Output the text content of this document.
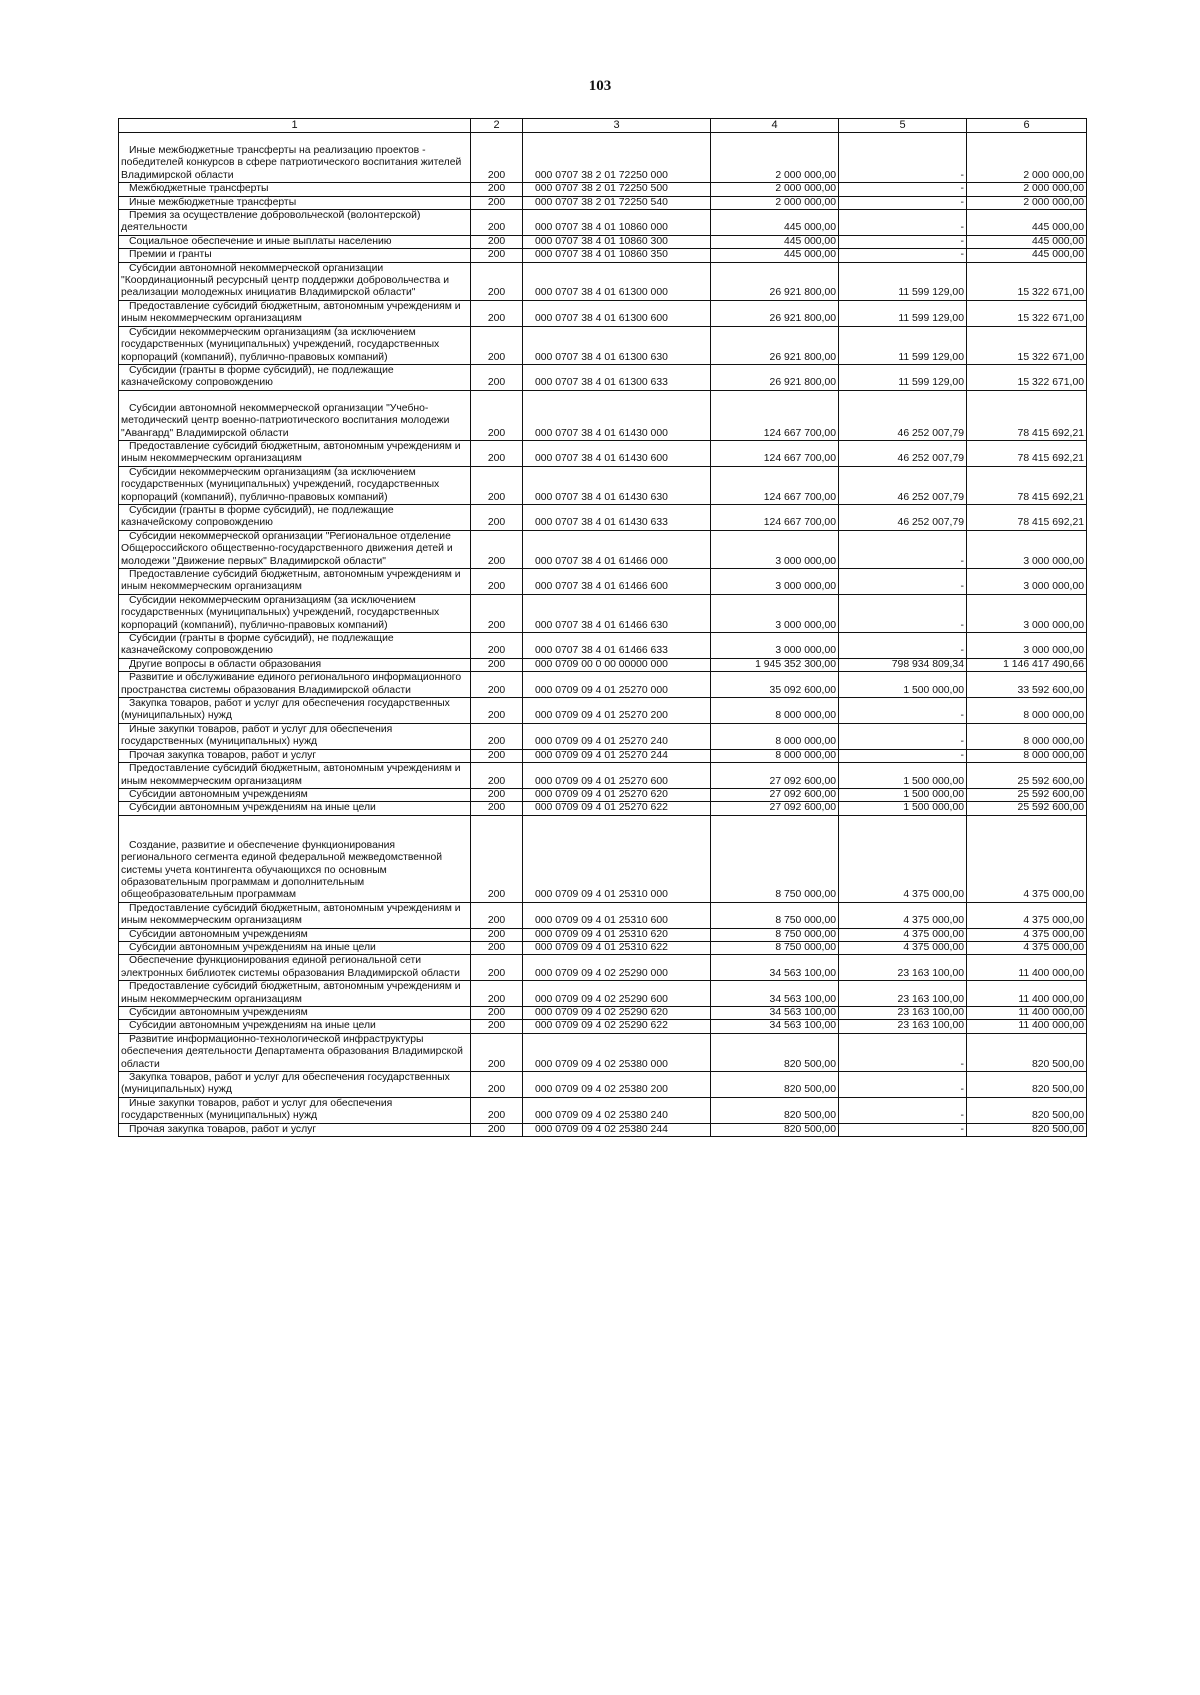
103
1	2	3	4	5	6
Иные межбюджетные трансферты на реализацию проектов - победителей конкурсов в сфере патриотического воспитания жителей Владимирской области	200	000 0707 38 2 01 72250 000	2 000 000,00	-	2 000 000,00
Межбюджетные трансферты	200	000 0707 38 2 01 72250 500	2 000 000,00	-	2 000 000,00
Иные межбюджетные трансферты	200	000 0707 38 2 01 72250 540	2 000 000,00	-	2 000 000,00
Премия за осуществление добровольческой (волонтерской) деятельности	200	000 0707 38 4 01 10860 000	445 000,00	-	445 000,00
Социальное обеспечение и иные выплаты населению	200	000 0707 38 4 01 10860 300	445 000,00	-	445 000,00
Премии и гранты	200	000 0707 38 4 01 10860 350	445 000,00	-	445 000,00
Субсидии автономной некоммерческой организации "Координационный ресурсный центр поддержки добровольчества и реализации молодежных инициатив Владимирской области"	200	000 0707 38 4 01 61300 000	26 921 800,00	11 599 129,00	15 322 671,00
Предоставление субсидий бюджетным, автономным учреждениям и иным некоммерческим организациям	200	000 0707 38 4 01 61300 600	26 921 800,00	11 599 129,00	15 322 671,00
Субсидии некоммерческим организациям (за исключением государственных (муниципальных) учреждений, государственных корпораций (компаний), публично-правовых компаний)	200	000 0707 38 4 01 61300 630	26 921 800,00	11 599 129,00	15 322 671,00
Субсидии (гранты в форме субсидий), не подлежащие казначейскому сопровождению	200	000 0707 38 4 01 61300 633	26 921 800,00	11 599 129,00	15 322 671,00
Субсидии автономной некоммерческой организации "Учебно-методический центр военно-патриотического воспитания молодежи "Авангард" Владимирской области	200	000 0707 38 4 01 61430 000	124 667 700,00	46 252 007,79	78 415 692,21
Предоставление субсидий бюджетным, автономным учреждениям и иным некоммерческим организациям	200	000 0707 38 4 01 61430 600	124 667 700,00	46 252 007,79	78 415 692,21
Субсидии некоммерческим организациям (за исключением государственных (муниципальных) учреждений, государственных корпораций (компаний), публично-правовых компаний)	200	000 0707 38 4 01 61430 630	124 667 700,00	46 252 007,79	78 415 692,21
Субсидии (гранты в форме субсидий), не подлежащие казначейскому сопровождению	200	000 0707 38 4 01 61430 633	124 667 700,00	46 252 007,79	78 415 692,21
Субсидии некоммерческой организации "Региональное отделение Общероссийского общественно-государственного движения детей и молодежи "Движение первых" Владимирской области"	200	000 0707 38 4 01 61466 000	3 000 000,00	-	3 000 000,00
Предоставление субсидий бюджетным, автономным учреждениям и иным некоммерческим организациям	200	000 0707 38 4 01 61466 600	3 000 000,00	-	3 000 000,00
Субсидии некоммерческим организациям (за исключением государственных (муниципальных) учреждений, государственных корпораций (компаний), публично-правовых компаний)	200	000 0707 38 4 01 61466 630	3 000 000,00	-	3 000 000,00
Субсидии (гранты в форме субсидий), не подлежащие казначейскому сопровождению	200	000 0707 38 4 01 61466 633	3 000 000,00	-	3 000 000,00
Другие вопросы в области образования	200	000 0709 00 0 00 00000 000	1 945 352 300,00	798 934 809,34	1 146 417 490,66
Развитие и обслуживание единого регионального информационного пространства системы образования Владимирской области	200	000 0709 09 4 01 25270 000	35 092 600,00	1 500 000,00	33 592 600,00
Закупка товаров, работ и услуг для обеспечения государственных (муниципальных) нужд	200	000 0709 09 4 01 25270 200	8 000 000,00	-	8 000 000,00
Иные закупки товаров, работ и услуг для обеспечения государственных (муниципальных) нужд	200	000 0709 09 4 01 25270 240	8 000 000,00	-	8 000 000,00
Прочая закупка товаров, работ и услуг	200	000 0709 09 4 01 25270 244	8 000 000,00	-	8 000 000,00
Предоставление субсидий бюджетным, автономным учреждениям и иным некоммерческим организациям	200	000 0709 09 4 01 25270 600	27 092 600,00	1 500 000,00	25 592 600,00
Субсидии автономным учреждениям	200	000 0709 09 4 01 25270 620	27 092 600,00	1 500 000,00	25 592 600,00
Субсидии автономным учреждениям на иные цели	200	000 0709 09 4 01 25270 622	27 092 600,00	1 500 000,00	25 592 600,00
Создание, развитие и обеспечение функционирования регионального сегмента единой федеральной межведомственной системы учета контингента обучающихся по основным образовательным программам и дополнительным общеобразовательным программам	200	000 0709 09 4 01 25310 000	8 750 000,00	4 375 000,00	4 375 000,00
Предоставление субсидий бюджетным, автономным учреждениям и иным некоммерческим организациям	200	000 0709 09 4 01 25310 600	8 750 000,00	4 375 000,00	4 375 000,00
Субсидии автономным учреждениям	200	000 0709 09 4 01 25310 620	8 750 000,00	4 375 000,00	4 375 000,00
Субсидии автономным учреждениям на иные цели	200	000 0709 09 4 01 25310 622	8 750 000,00	4 375 000,00	4 375 000,00
Обеспечение функционирования единой региональной сети электронных библиотек системы образования Владимирской области	200	000 0709 09 4 02 25290 000	34 563 100,00	23 163 100,00	11 400 000,00
Предоставление субсидий бюджетным, автономным учреждениям и иным некоммерческим организациям	200	000 0709 09 4 02 25290 600	34 563 100,00	23 163 100,00	11 400 000,00
Субсидии автономным учреждениям	200	000 0709 09 4 02 25290 620	34 563 100,00	23 163 100,00	11 400 000,00
Субсидии автономным учреждениям на иные цели	200	000 0709 09 4 02 25290 622	34 563 100,00	23 163 100,00	11 400 000,00
Развитие информационно-технологической инфраструктуры обеспечения деятельности Департамента образования Владимирской области	200	000 0709 09 4 02 25380 000	820 500,00	-	820 500,00
Закупка товаров, работ и услуг для обеспечения государственных (муниципальных) нужд	200	000 0709 09 4 02 25380 200	820 500,00	-	820 500,00
Иные закупки товаров, работ и услуг для обеспечения государственных (муниципальных) нужд	200	000 0709 09 4 02 25380 240	820 500,00	-	820 500,00
Прочая закупка товаров, работ и услуг	200	000 0709 09 4 02 25380 244	820 500,00	-	820 500,00
